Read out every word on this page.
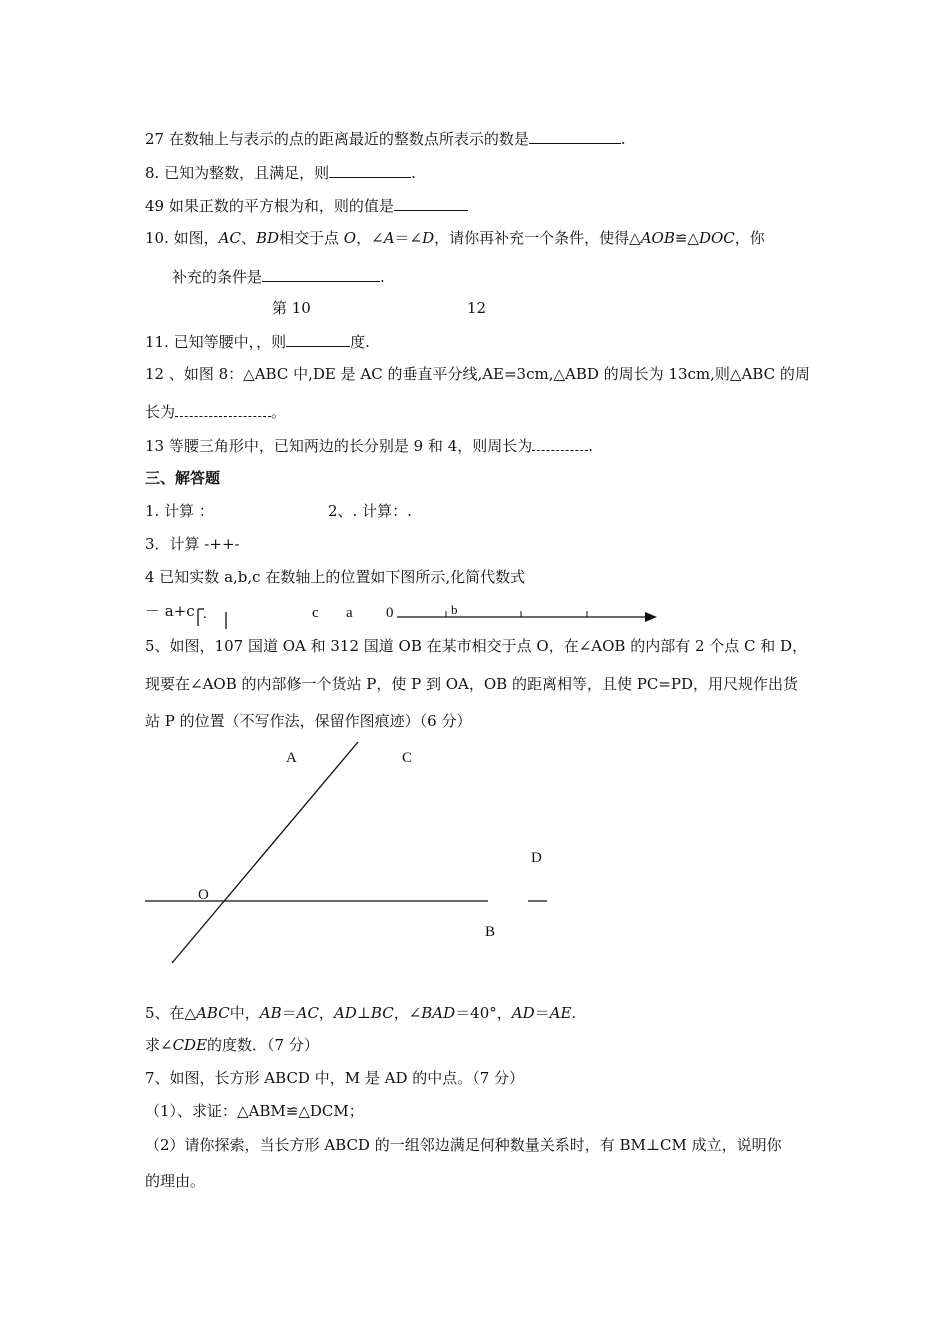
27 在数轴上与表示的点的距离最近的整数点所表示的数是	.
8. 已知为整数，且满足，则	.
49 如果正数的平方根为和，则的值是
10. 如图，AC、BD相交于点 O，∠A＝∠D，请你再补充一个条件，使得△AOB≌△DOC，你
补充的条件是	.
第 10	12
11. 已知等腰中，，则	度.
12 、如图 8：△ABC 中,DE 是 AC 的垂直平分线,AE=3cm,△ABD 的周长为 13cm,则△ABC 的周
长为	。
13 等腰三角形中，已知两边的长分别是 9 和 4，则周长为	.
三、解答题
1. 计算 ：	2、. 计算：.
3．计算 -++-
4 已知实数 a,b,c 在数轴上的位置如下图所示,化简代数式
－ a+c .	c a 0	b
A	C
D
O
B
5、如图，107 国道 OA 和 312 国道 OB 在某市相交于点 O，在∠AOB 的内部有 2 个点 C 和 D，
现要在∠AOB 的内部修一个货站 P，使 P 到 OA，OB 的距离相等，且使 PC=PD，用尺规作出货
站 P 的位置（不写作法，保留作图痕迹）（6 分）
5、在△ABC中，AB＝AC，AD⊥BC，∠BAD＝40°，AD＝AE.
求∠CDE的度数．（7 分）
7、如图，长方形 ABCD 中，M 是 AD 的中点。（7 分）
（1）、求证：△ABM≌△DCM；
（2）请你探索，当长方形 ABCD 的一组邻边满足何种数量关系时，有 BM⊥CM 成立，说明你
的理由。
